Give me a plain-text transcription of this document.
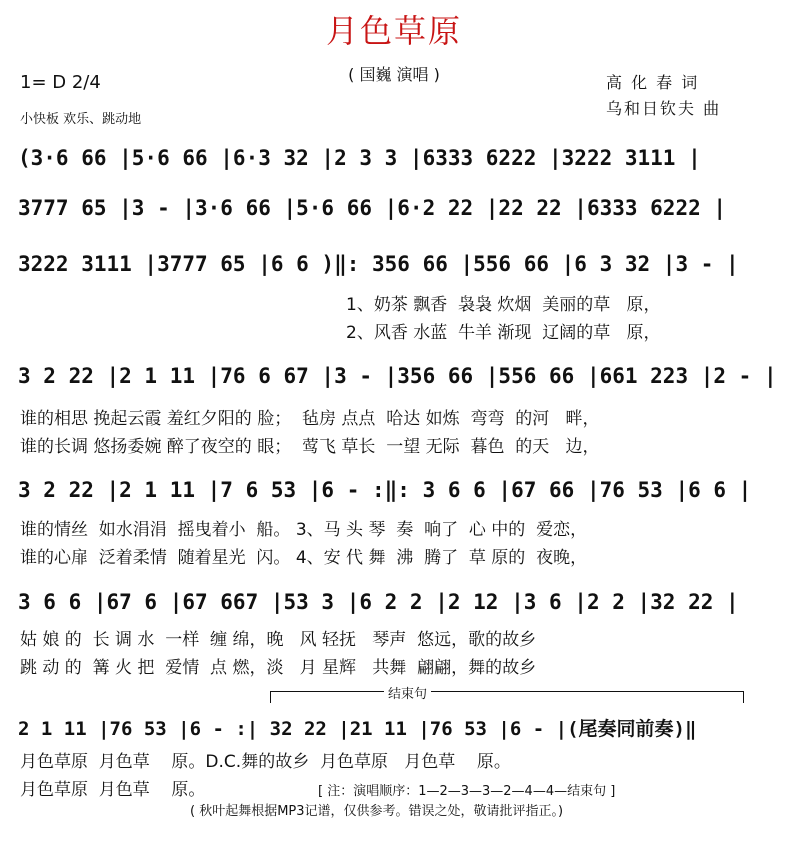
月色草原
( 国巍 演唱 )
1= D 2/4
小快板 欢乐、跳动地
高 化 春 词
乌和日钦夫 曲
(3·6 66 |5·6 66 |6·3 32 |2 3 3 |6333 6222 |3222 3111 |
3777 65 |3 - |3·6 66 |5·6 66 |6·2 22 |22 22 |6333 6222 |
3222 3111 |3777 65 |6 6 )‖: 356 66 |556 66 |6 3 32 |3 - |
1、奶茶 飘香  袅袅 炊烟  美丽的草   原，
2、风香 水蓝  牛羊 渐现  辽阔的草   原，
3 2 22 |2 1 11 |76 6 67 |3 - |356 66 |556 66 |661 223 |2 - |
谁的相思 挽起云霞 羞红夕阳的 脸；  毡房 点点  哈达 如炼  弯弯  的河   畔，
谁的长调 悠扬委婉 醉了夜空的 眼；  莺飞 草长  一望 无际  暮色  的天   边，
3 2 22 |2 1 11 |7 6 53 |6 - :‖: 3 6 6 |67 66 |76 53 |6 6 |
谁的情丝  如水涓涓  摇曳着小  船。 3、马 头 琴  奏  响了  心 中的  爱恋，
谁的心扉  泛着柔情  随着星光  闪。 4、安 代 舞  沸  腾了  草 原的  夜晚，
3 6 6 |67 6 |67 667 |53 3 |6 2 2 |2 12 |3 6 |2 2 |32 22 |
姑 娘 的  长 调 水  一样  缠 绵，晚   风 轻抚   琴声  悠远，歌的故乡
跳 动 的  篝 火 把  爱情  点 燃，淡   月 星辉   共舞  翩翩，舞的故乡
结束句
2 1 11 |76 53 |6 - :| 32 22 |21 11 |76 53 |6 - |(尾奏同前奏)‖
月色草原  月色草    原。D.C.舞的故乡  月色草原   月色草    原。
月色草原  月色草    原。	[ 注：演唱顺序：1—2—3—3—2—4—4—结束句 ]
( 秋叶起舞根据MP3记谱，仅供参考。错误之处，敬请批评指正。)
